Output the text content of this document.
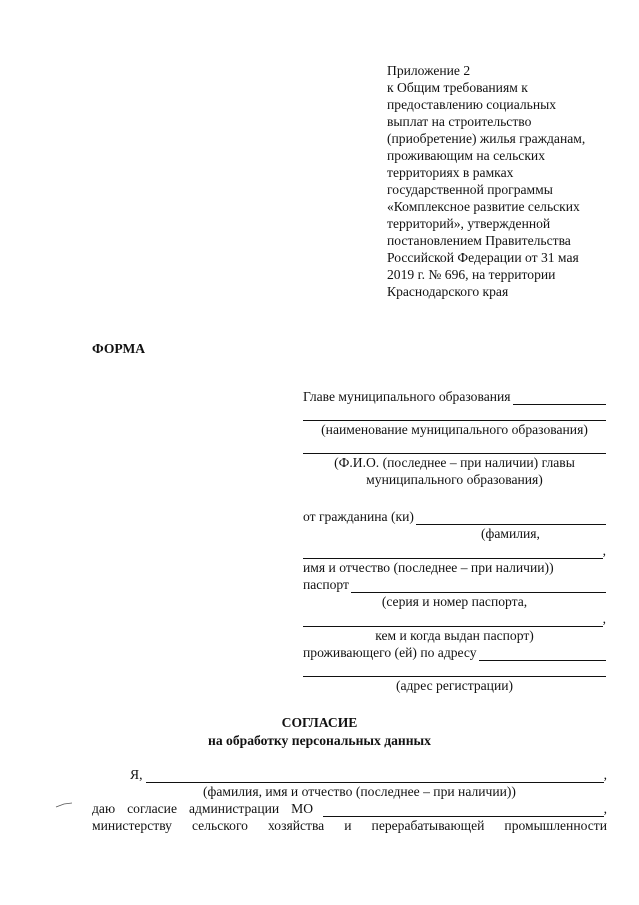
Приложение 2
к Общим требованиям к
предоставлению социальных
выплат на строительство
(приобретение) жилья гражданам,
проживающим на сельских
территориях в рамках
государственной программы
«Комплексное развитие сельских
территорий», утвержденной
постановлением Правительства
Российской Федерации от 31 мая
2019 г. № 696, на территории
Краснодарского края
ФОРМА
Главе муниципального образования
(наименование муниципального образования)
(Ф.И.О. (последнее – при наличии) главы
муниципального образования)
от гражданина (ки)
(фамилия,
,
имя и отчество (последнее – при наличии))
паспорт
(серия и номер паспорта,
,
кем и когда выдан паспорт)
проживающего (ей) по адресу
(адрес регистрации)
СОГЛАСИЕ
на обработку персональных данных
Я,	,
(фамилия, имя и отчество (последнее – при наличии))
даю согласие администрации МО	,
министерству сельского хозяйства и перерабатывающей промышленности
